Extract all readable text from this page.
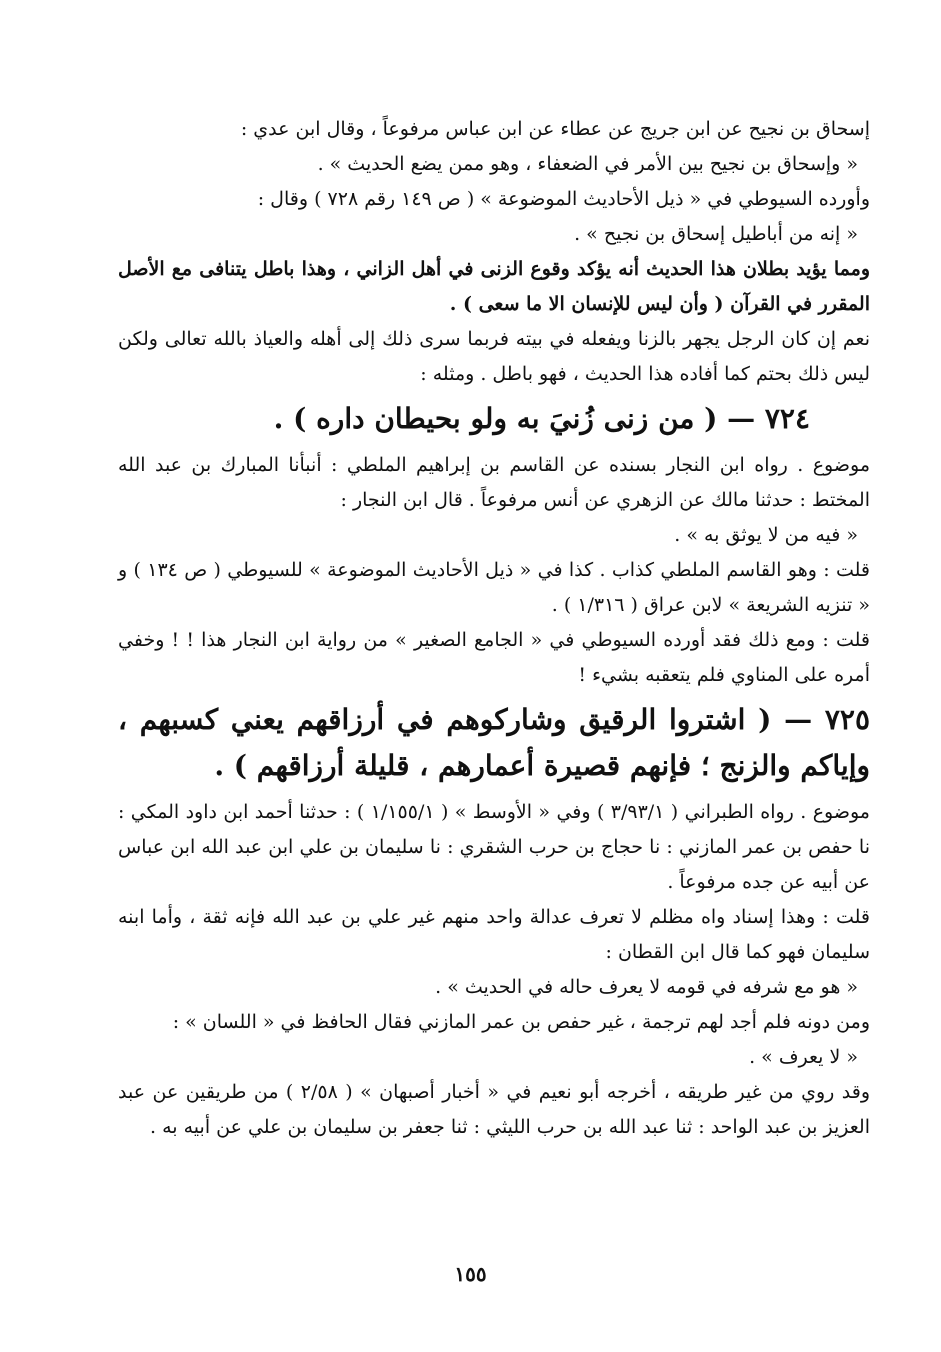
إسحاق بن نجيح عن ابن جريج عن عطاء عن ابن عباس مرفوعاً ، وقال ابن عدي :

« وإسحاق بن نجيح بين الأمر في الضعفاء ، وهو ممن يضع الحديث » .

وأورده السيوطي في « ذيل الأحاديث الموضوعة » ( ص ١٤٩ رقم ٧٢٨ ) وقال :

« إنه من أباطيل إسحاق بن نجيح » .

ومما يؤيد بطلان هذا الحديث أنه يؤكد وقوع الزنى في أهل الزاني ، وهذا باطل يتنافى مع الأصل المقرر في القرآن ( وأن ليس للإنسان الا ما سعى ) .

نعم إن كان الرجل يجهر بالزنا ويفعله في بيته فربما سرى ذلك إلى أهله والعياذ بالله تعالى ولكن ليس ذلك بحتم كما أفاده هذا الحديث ، فهو باطل . ومثله :

٧٢٤ — ( من زنى زُنيَ به ولو بحيطان داره ) .

موضوع . رواه ابن النجار بسنده عن القاسم بن إبراهيم الملطي : أنبأنا المبارك بن عبد الله المختط : حدثنا مالك عن الزهري عن أنس مرفوعاً . قال ابن النجار :

« فيه من لا يوثق به » .

قلت : وهو القاسم الملطي كذاب . كذا في « ذيل الأحاديث الموضوعة » للسيوطي ( ص ١٣٤ ) و « تنزيه الشريعة » لابن عراق ( ١/٣١٦ ) .

قلت : ومع ذلك فقد أورده السيوطي في « الجامع الصغير » من رواية ابن النجار هذا ! ! وخفي أمره على المناوي فلم يتعقبه بشيء !

٧٢٥ — ( اشتروا الرقيق وشاركوهم في أرزاقهم يعني كسبهم ، وإياكم والزنج ؛ فإنهم قصيرة أعمارهم ، قليلة أرزاقهم ) .

موضوع . رواه الطبراني ( ٣/٩٣/١ ) وفي « الأوسط » ( ١/١٥٥/١ ) : حدثنا أحمد ابن داود المكي : نا حفص بن عمر المازني : نا حجاج بن حرب الشقري : نا سليمان بن علي ابن عبد الله ابن عباس عن أبيه عن جده مرفوعاً .

قلت : وهذا إسناد واه مظلم لا تعرف عدالة واحد منهم غير علي بن عبد الله فإنه ثقة ، وأما ابنه سليمان فهو كما قال ابن القطان :

« هو مع شرفه في قومه لا يعرف حاله في الحديث » .

ومن دونه فلم أجد لهم ترجمة ، غير حفص بن عمر المازني فقال الحافظ في « اللسان » :

« لا يعرف » .

وقد روي من غير طريقه ، أخرجه أبو نعيم في « أخبار أصبهان » ( ٢/٥٨ ) من طريقين عن عبد العزيز بن عبد الواحد : ثنا عبد الله بن حرب الليثي : ثنا جعفر بن سليمان بن علي عن أبيه به .

١٥٥
